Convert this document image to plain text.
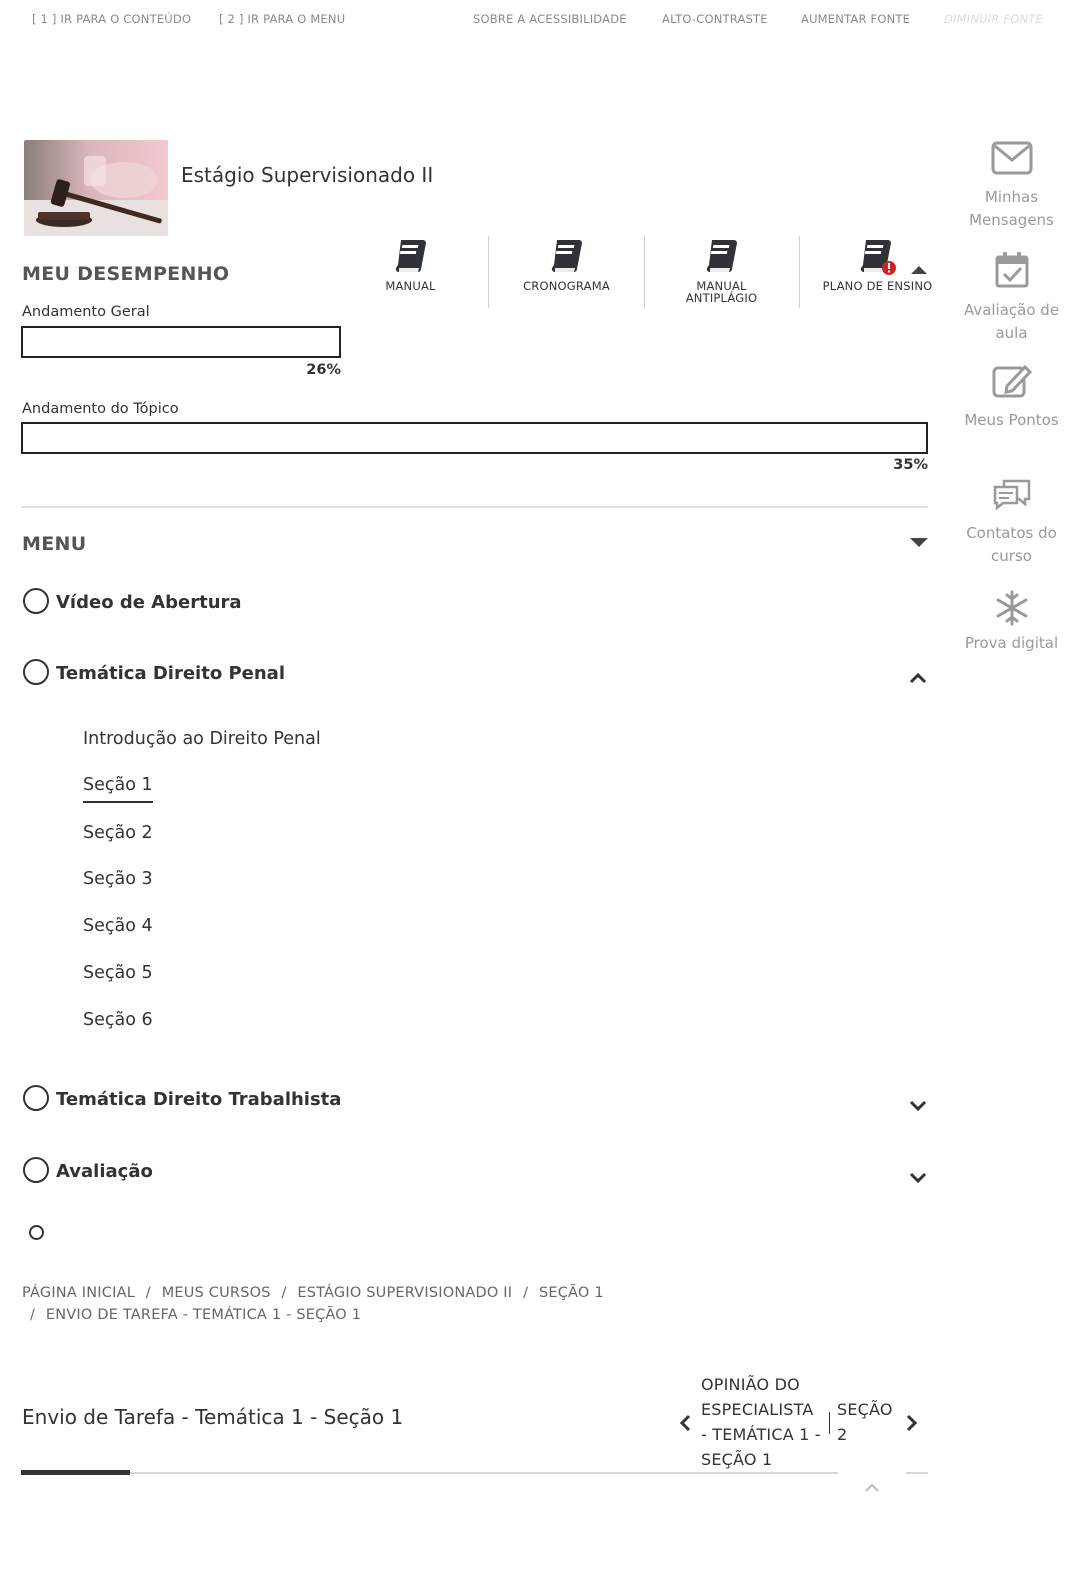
[ 1 ] IR PARA O CONTEÚDO [ 2 ] IR PARA O MENU	SOBRE A ACESSIBILIDADE	ALTO-CONTRASTE	AUMENTAR FONTE	DIMINUIR FONTE
Estágio Supervisionado II
MANUAL	CRONOGRAMA	MANUAL ANTIPLÁGIO
PLANO DE ENSINO
Minhas Mensagens
Avaliação de aula
Meus Pontos
Contatos do curso
Prova digital
MEU DESEMPENHO
Andamento Geral
26%
Andamento do Tópico
35%
MENU
Vídeo de Abertura
Temática Direito Penal
Introdução ao Direito Penal
Seção 1
Seção 2
Seção 3
Seção 4
Seção 5
Seção 6
Temática Direito Trabalhista
Avaliação
PÁGINA INICIAL / MEUS CURSOS / ESTÁGIO SUPERVISIONADO II / SEÇÃO 1
/ ENVIO DE TAREFA - TEMÁTICA 1 - SEÇÃO 1
Envio de Tarefa - Temática 1 - Seção 1
OPINIÃO DO
ESPECIALISTA
- TEMÁTICA 1 -
SEÇÃO 1
SEÇÃO
2
